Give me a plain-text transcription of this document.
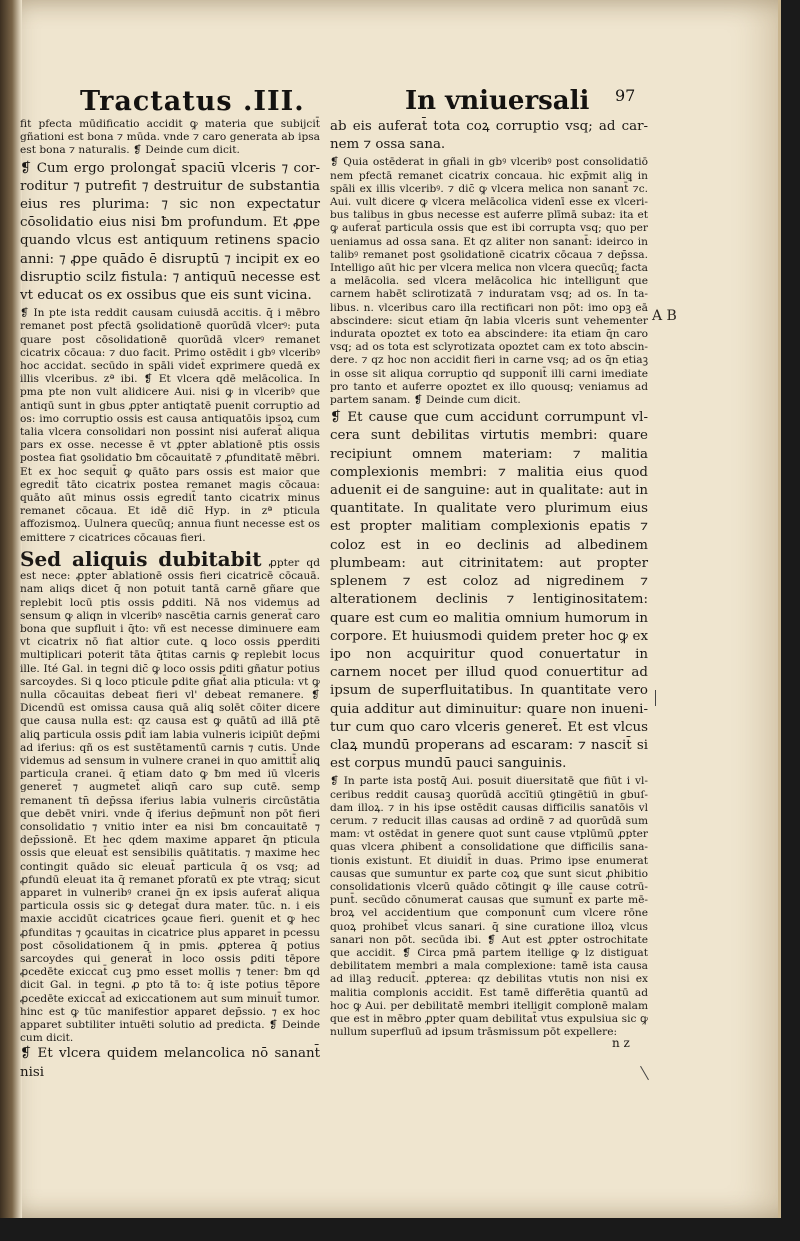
Tractatus .III.	In vniuersali 97

fit pfecta mūdificatio accidit ꝙ materia que subijcit̄ gñationi est bona ⁊ mūda. vnde ⁊ caro generata ab ipsa est bona ⁊ naturalis. ❡ Deinde cum dicit.

❡ Cum ergo prolongat̄ spaciū vlceris ⁊ corroditur ⁊ putrefit ⁊ destruitur de substantia eius res plurima: ⁊ sic non expectatur cōsolidatio eius nisi ƀm profundum. Et ꝓpe quando vlcus est antiquum retinens spacio anni: ⁊ ꝓpe quādo ē disruptū ⁊ incipit ex eo disruptio scilz fistula: ⁊ antiquū necesse est vt educat os ex ossibus que eis sunt vicina.

❡ In pte ista reddit causam cuiusdā accitis. q̄ i mēbro remanet post pfectā ꝯsolidationē quorūdā vlcerꝰ: puta quare post cōsolidationē quorūdā vlcerꝰ remanet cicatrix cōcaua: ⁊ duo facit. Primo ostēdit i gbꝰ vlceribꝰ hoc accidat. secūdo in spāli videt̄ exprimere quedā ex illis vlceribus. zª ibi. ❡ Et vlcera qdē melācolica. In pma pte non vult alidicere Aui. nisi ꝙ in vlceribꝰ que antiqū sunt in gbus ꝓpter antiqtatē puenit corruptio ad os: imo corruptio ossis est causa antiquatōis ipsoꝝ cum talia vlcera consolidari non possint nisi auferat̄ aliqua pars ex osse. necesse ē vt ꝓpter ablationē ptis ossis postea fiat ꝯsolidatio ƀm cōcauitatē ⁊ ꝓfunditatē mēbri. Et ex hoc sequit̄ ꝙ quāto pars ossis est maior que egredit̄ tāto cicatrix postea remanet magis cōcaua: quāto aūt minus ossis egredit̄ tanto cicatrix minus remanet cōcaua. Et idē dic̄ Hyp. in zª pticula affozismoꝝ. Uulnera quecūq; annua fiunt necesse est os emittere ⁊ cicatrices cōcauas fieri.

Sed aliquis dubitabit ꝓpter qd est nece: ꝓpter ablationē ossis fieri cicatricē cōcauā. nam aliqs dicet q̄ non potuit tantā carnē gñare que replebit locū ptis ossis ꝑdditi. Nā nos videmus ad sensum ꝙ aliqn in vlceribꝰ nascētia carnis generat̄ caro bona que supfluit i q̄to: vñ est necesse diminuere eam vt cicatrix nō fiat altior cute. ꝗ loco ossis ꝑperditi multiplicari poterit tāta q̄titas carnis ꝙ replebit locus ille. Ité Gal. in tegni dic̄ ꝙ loco ossis ꝑditi gñatur potius sarcoydes. Si ꝗ loco pticule ꝑdite gñat̄ alia pticula: vt ꝙ nulla cōcauitas debeat fieri vl' debeat remanere. ❡ Dicendū est omissa causa quā aliꝗ solēt cōiter dicere que causa nulla est: qz causa est ꝙ quātū ad illā ꝑtē aliꝗ particula ossis ꝑdit̄ iam labia vulneris icipiūt dep̄mi ad iferius: qñ os est sustētamentū carnis ⁊ cutis. Unde videmus ad sensum in vulnere cranei in quo amittit̄ aliꝗ particula cranei. q̄ etiam dato ꝙ ƀm med iū vlceris generet̄ ⁊ augmetet̄ aliqn̄ caro sup cutē. semp remanent tn̄ dep̄ssa iferius labia vulneris circūstātia que debēt vniri. vnde q̄ iferius dep̄munt̄ non pōt fieri consolidatio ⁊ vnitio inter ea nisi ƀm concauitatē ⁊ dep̄ssionē. Et hec qdem maxime apparet q̄n pticula ossis que eleuat̄ est sensibilis quātitatis. ⁊ maxime hec contingit quādo sic eleuat̄ particula q̄ os vsq; ad ꝓfundū eleuat ita q̄ remanet pforatū ex pte vtraq; sicut apparet in vulneribꝰ cranei q̄n ex ipsis auferat̄ aliqua particula ossis sic ꝙ detegat̄ dura mater. tūc. n. i eis maxie accidūt cicatrices ꝯcaue fieri. ꝯuenit et ꝙ hec ꝓfunditas ⁊ ꝯcauitas in cicatrice plus apparet in pcessu post cōsolidationem q̄ in pmis. ꝓpterea q̄ potius sarcoydes qui generat̄ in loco ossis ꝑditi tēpore ꝓcedēte exiccat̄ cuꝫ pmo esset mollis ⁊ tener: ƀm qd dicit Gal. in tegni. ꝓ pto tā to: q̄ iste potius tēpore ꝓcedēte exiccat̄ ad exiccationem aut sum minuit̄ tumor. hinc est ꝙ tūc manifestior apparet dep̄ssio. ⁊ ex hoc apparet subtiliter intuēti solutio ad predicta. ❡ Deinde cum dicit.

❡ Et vlcera quidem melancolica nō sanant̄ nisi

ab eis auferat̄ tota coꝝ corruptio vsq; ad carnem ⁊ ossa sana.

❡ Quia ostēderat in gñali in gbꝰ vlceribꝰ post consolidatiō nem pfectā remanet cicatrix concaua. hic exp̄mit aliꝗ in spāli ex illis vlceribꝰ. ⁊ dic̄ ꝙ vlcera melica non sanant̄ ⁊c. Aui. vult dicere ꝙ vlcera melācolica videnī esse ex vlceribus talibus in gbus necesse est auferre plīmā subaz: ita et ꝙ auferat̄ particula ossis que est ibi corrupta vsq; quo per ueniamus ad ossa sana. Et qz aliter non sanant̄: ideirco in talibꝰ remanet post ꝯsolidationē cicatrix cōcaua ⁊ dep̄ssa. Intelligo aūt hic per vlcera melica non vlcera quecūq; facta a melācolia. sed vlcera melācolica hic intelligunt̄ que carnem habēt sclirotizatā ⁊ induratam vsq; ad os. In talibus. n. vlceribus caro illa rectificari non pōt: imo opꝫ eā abscindere: sicut etiam q̄n labia vlceris sunt vehementer indurata opoztet ex toto ea abscindere: ita etiam q̄n caro vsq; ad os tota est sclyrotizata opoztet cam ex toto abscindere. ⁊ qz hoc non accidit fieri in carne vsq; ad os q̄n etiaꝫ in osse sit aliqua corruptio qd supponit̄ illi carni imediate pro tanto et auferre opoztet ex illo quousq; veniamus ad partem sanam. ❡ Deinde cum dicit.

❡ Et cause que cum accidunt corrumpunt vlcera sunt debilitas virtutis membri: quare recipiunt omnem materiam: ⁊ malitia complexionis membri: ⁊ malitia eius quod aduenit ei de sanguine: aut in qualitate: aut in quantitate. In qualitate vero plurimum eius est propter malitiam complexionis epatis ⁊ coloz est in eo declinis ad albedinem plumbeam: aut citrinitatem: aut propter splenem ⁊ est coloz ad nigredinem ⁊ alterationem declinis ⁊ lentiginositatem: quare est cum eo malitia omnium humorum in corpore. Et huiusmodi quidem preter hoc ꝙ ex ipo non acquiritur quod conuertatur in carnem nocet per illud quod conuertitur ad ipsum de superfluitatibus. In quantitate vero quia additur aut diminuitur: quare non inuenitur cum quo caro vlceris generet̄. Et est vlcus claꝝ mundū properans ad escaram: ⁊ nascit̄ si est corpus mundū pauci sanguinis.

❡ In parte ista postq̄ Aui. posuit diuersitatē que fiūt i vlceribus reddit causaꝫ quorūdā accītiū ꝯtingētiū in gbuſdam illoꝝ. ⁊ in his ipse ostēdit causas difficilis sanatōis vl cerum. ⁊ reducit illas causas ad ordinē ⁊ ad quorūdā sum mam: vt ostēdat in genere quot sunt cause vtplūmū ꝓpter quas vlcera ꝓhibent̄ a consolidatione que difficilis sanationis existunt. Et diuidit̄ in duas. Primo ipse enumerat causas que sumuntur ex parte coꝝ que sunt sicut ꝓhibitio consolidationis vlcerū quādo cōtingit ꝙ ille cause cotrūpunt̄. secūdo cōnumerat causas que sumunt̄ ex parte mēbroꝝ vel accidentium que componunt̄ cum vlcere rōne quoꝝ prohibet̄ vlcus sanari. q̄ sine curatione illoꝝ vlcus sanari non pōt. secūda ibi. ❡ Aut est ꝓpter ostrochitate que accidit. ❡ Circa pmā partem itellige ꝙ lz distiguat debilitatem membri a mala complexione: tamē ista causa ad illaꝫ reducit̄. ꝓpterea: qz debilitas vtutis non nisi ex malitia complonis accidit. Est tamē differētia quantū ad hoc ꝙ Aui. per debilitatē membri itelligit complonē malam que est in mēbro ꝓpter quam debilitat̄ vtus expulsiua sic ꝙ nullum superfluū ad ipsum trāsmissum pōt expellere:

n z
A B
